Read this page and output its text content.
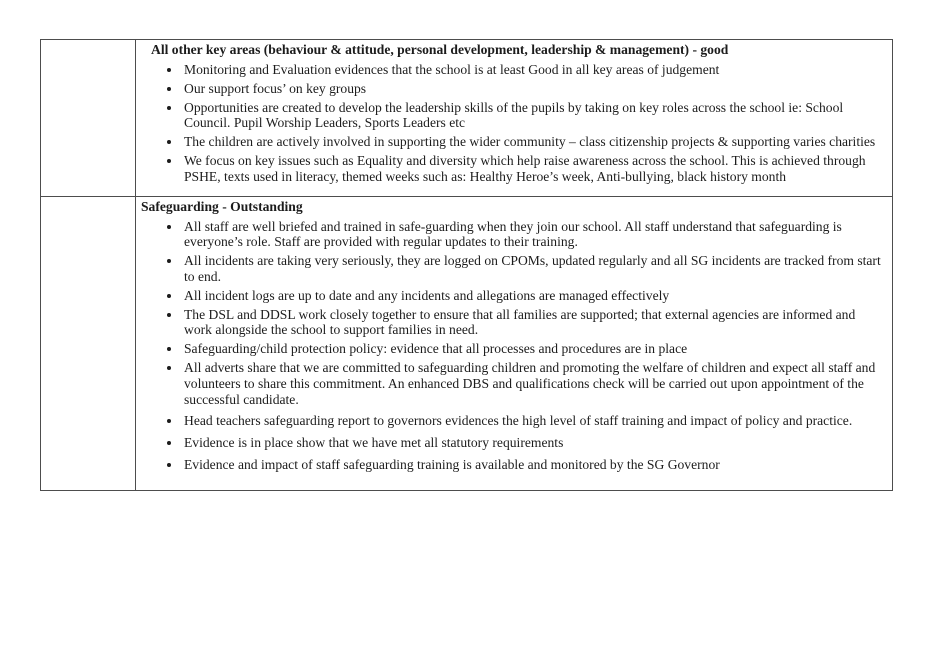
All other key areas (behaviour & attitude, personal development, leadership & management) - good
• Monitoring and Evaluation evidences that the school is at least Good in all key areas of judgement
• Our support focus’ on key groups
• Opportunities are created to develop the leadership skills of the pupils by taking on key roles across the school ie: School Council. Pupil Worship Leaders, Sports Leaders etc
• The children are actively involved in supporting the wider community – class citizenship projects & supporting varies charities
• We focus on key issues such as Equality and diversity which help raise awareness across the school. This is achieved through PSHE, texts used in literacy, themed weeks such as: Healthy Heroe’s week, Anti-bullying, black history month

Safeguarding - Outstanding
• All staff are well briefed and trained in safe-guarding when they join our school. All staff understand that safeguarding is everyone’s role. Staff are provided with regular updates to their training.
• All incidents are taking very seriously, they are logged on CPOMs, updated regularly and all SG incidents are tracked from start to end.
• All incident logs are up to date and any incidents and allegations are managed effectively
• The DSL and DDSL work closely together to ensure that all families are supported; that external agencies are informed and work alongside the school to support families in need.
• Safeguarding/child protection policy: evidence that all processes and procedures are in place
• All adverts share that we are committed to safeguarding children and promoting the welfare of children and expect all staff and volunteers to share this commitment. An enhanced DBS and qualifications check will be carried out upon appointment of the successful candidate.
• Head teachers safeguarding report to governors evidences the high level of staff training and impact of policy and practice.
• Evidence is in place show that we have met all statutory requirements
• Evidence and impact of staff safeguarding training is available and monitored by the SG Governor
